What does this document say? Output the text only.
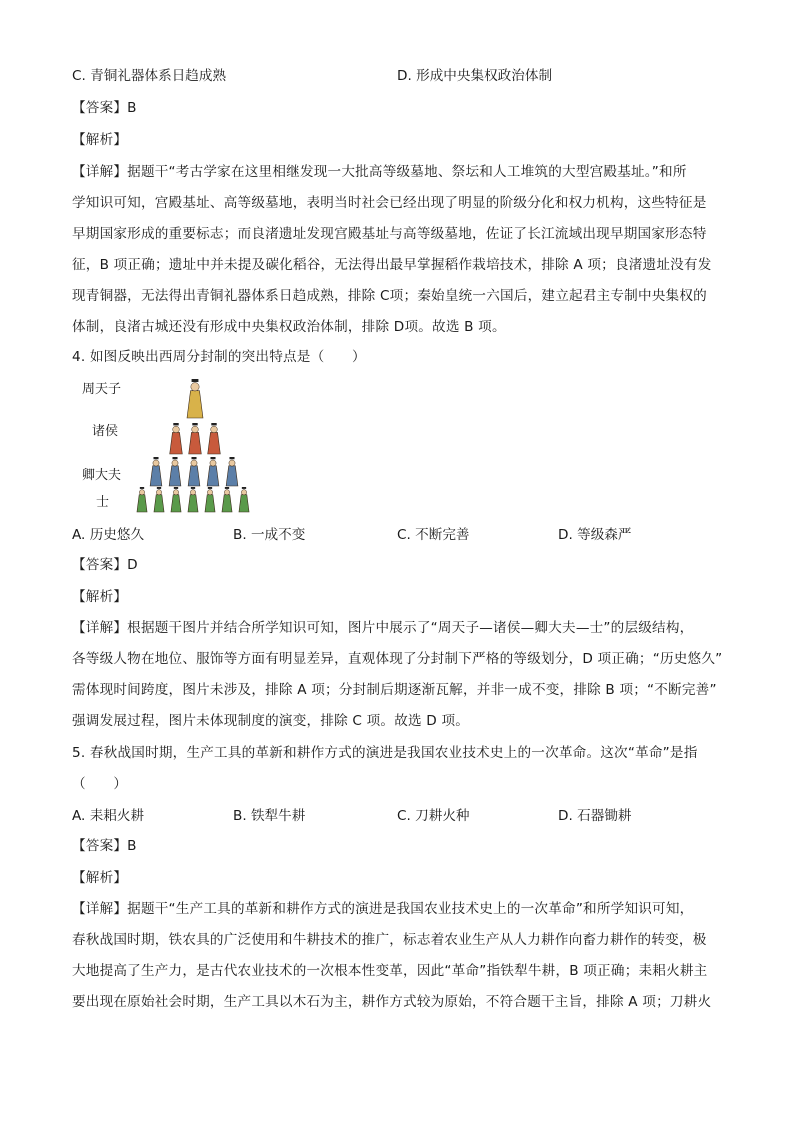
C. 青铜礼器体系日趋成熟	D. 形成中央集权政治体制
【答案】B
【解析】
【详解】据题干“考古学家在这里相继发现一大批高等级墓地、祭坛和人工堆筑的大型宫殿基址。”和所
学知识可知，宫殿基址、高等级墓地，表明当时社会已经出现了明显的阶级分化和权力机构，这些特征是
早期国家形成的重要标志；而良渚遗址发现宫殿基址与高等级墓地，佐证了长江流域出现早期国家形态特
征，B 项正确；遗址中并未提及碳化稻谷，无法得出最早掌握稻作栽培技术，排除 A 项；良渚遗址没有发
现青铜器，无法得出青铜礼器体系日趋成熟，排除 C项；秦始皇统一六国后，建立起君主专制中央集权的
体制，良渚古城还没有形成中央集权政治体制，排除 D项。故选 B 项。
4. 如图反映出西周分封制的突出特点是（　　）
周天子
诸侯
卿大夫
士
A. 历史悠久	B. 一成不变	C. 不断完善	D. 等级森严
【答案】D
【解析】
【详解】根据题干图片并结合所学知识可知，图片中展示了“周天子—诸侯—卿大夫—士”的层级结构，
各等级人物在地位、服饰等方面有明显差异，直观体现了分封制下严格的等级划分，D 项正确；“历史悠久”
需体现时间跨度，图片未涉及，排除 A 项；分封制后期逐渐瓦解，并非一成不变，排除 B 项；“不断完善”
强调发展过程，图片未体现制度的演变，排除 C 项。故选 D 项。
5. 春秋战国时期，生产工具的革新和耕作方式的演进是我国农业技术史上的一次革命。这次“革命”是指
（　　）
A. 耒耜火耕	B. 铁犁牛耕	C. 刀耕火种	D. 石器锄耕
【答案】B
【解析】
【详解】据题干“生产工具的革新和耕作方式的演进是我国农业技术史上的一次革命”和所学知识可知，
春秋战国时期，铁农具的广泛使用和牛耕技术的推广，标志着农业生产从人力耕作向畜力耕作的转变，极
大地提高了生产力，是古代农业技术的一次根本性变革，因此“革命”指铁犁牛耕，B 项正确；耒耜火耕主
要出现在原始社会时期，生产工具以木石为主，耕作方式较为原始，不符合题干主旨，排除 A 项；刀耕火
